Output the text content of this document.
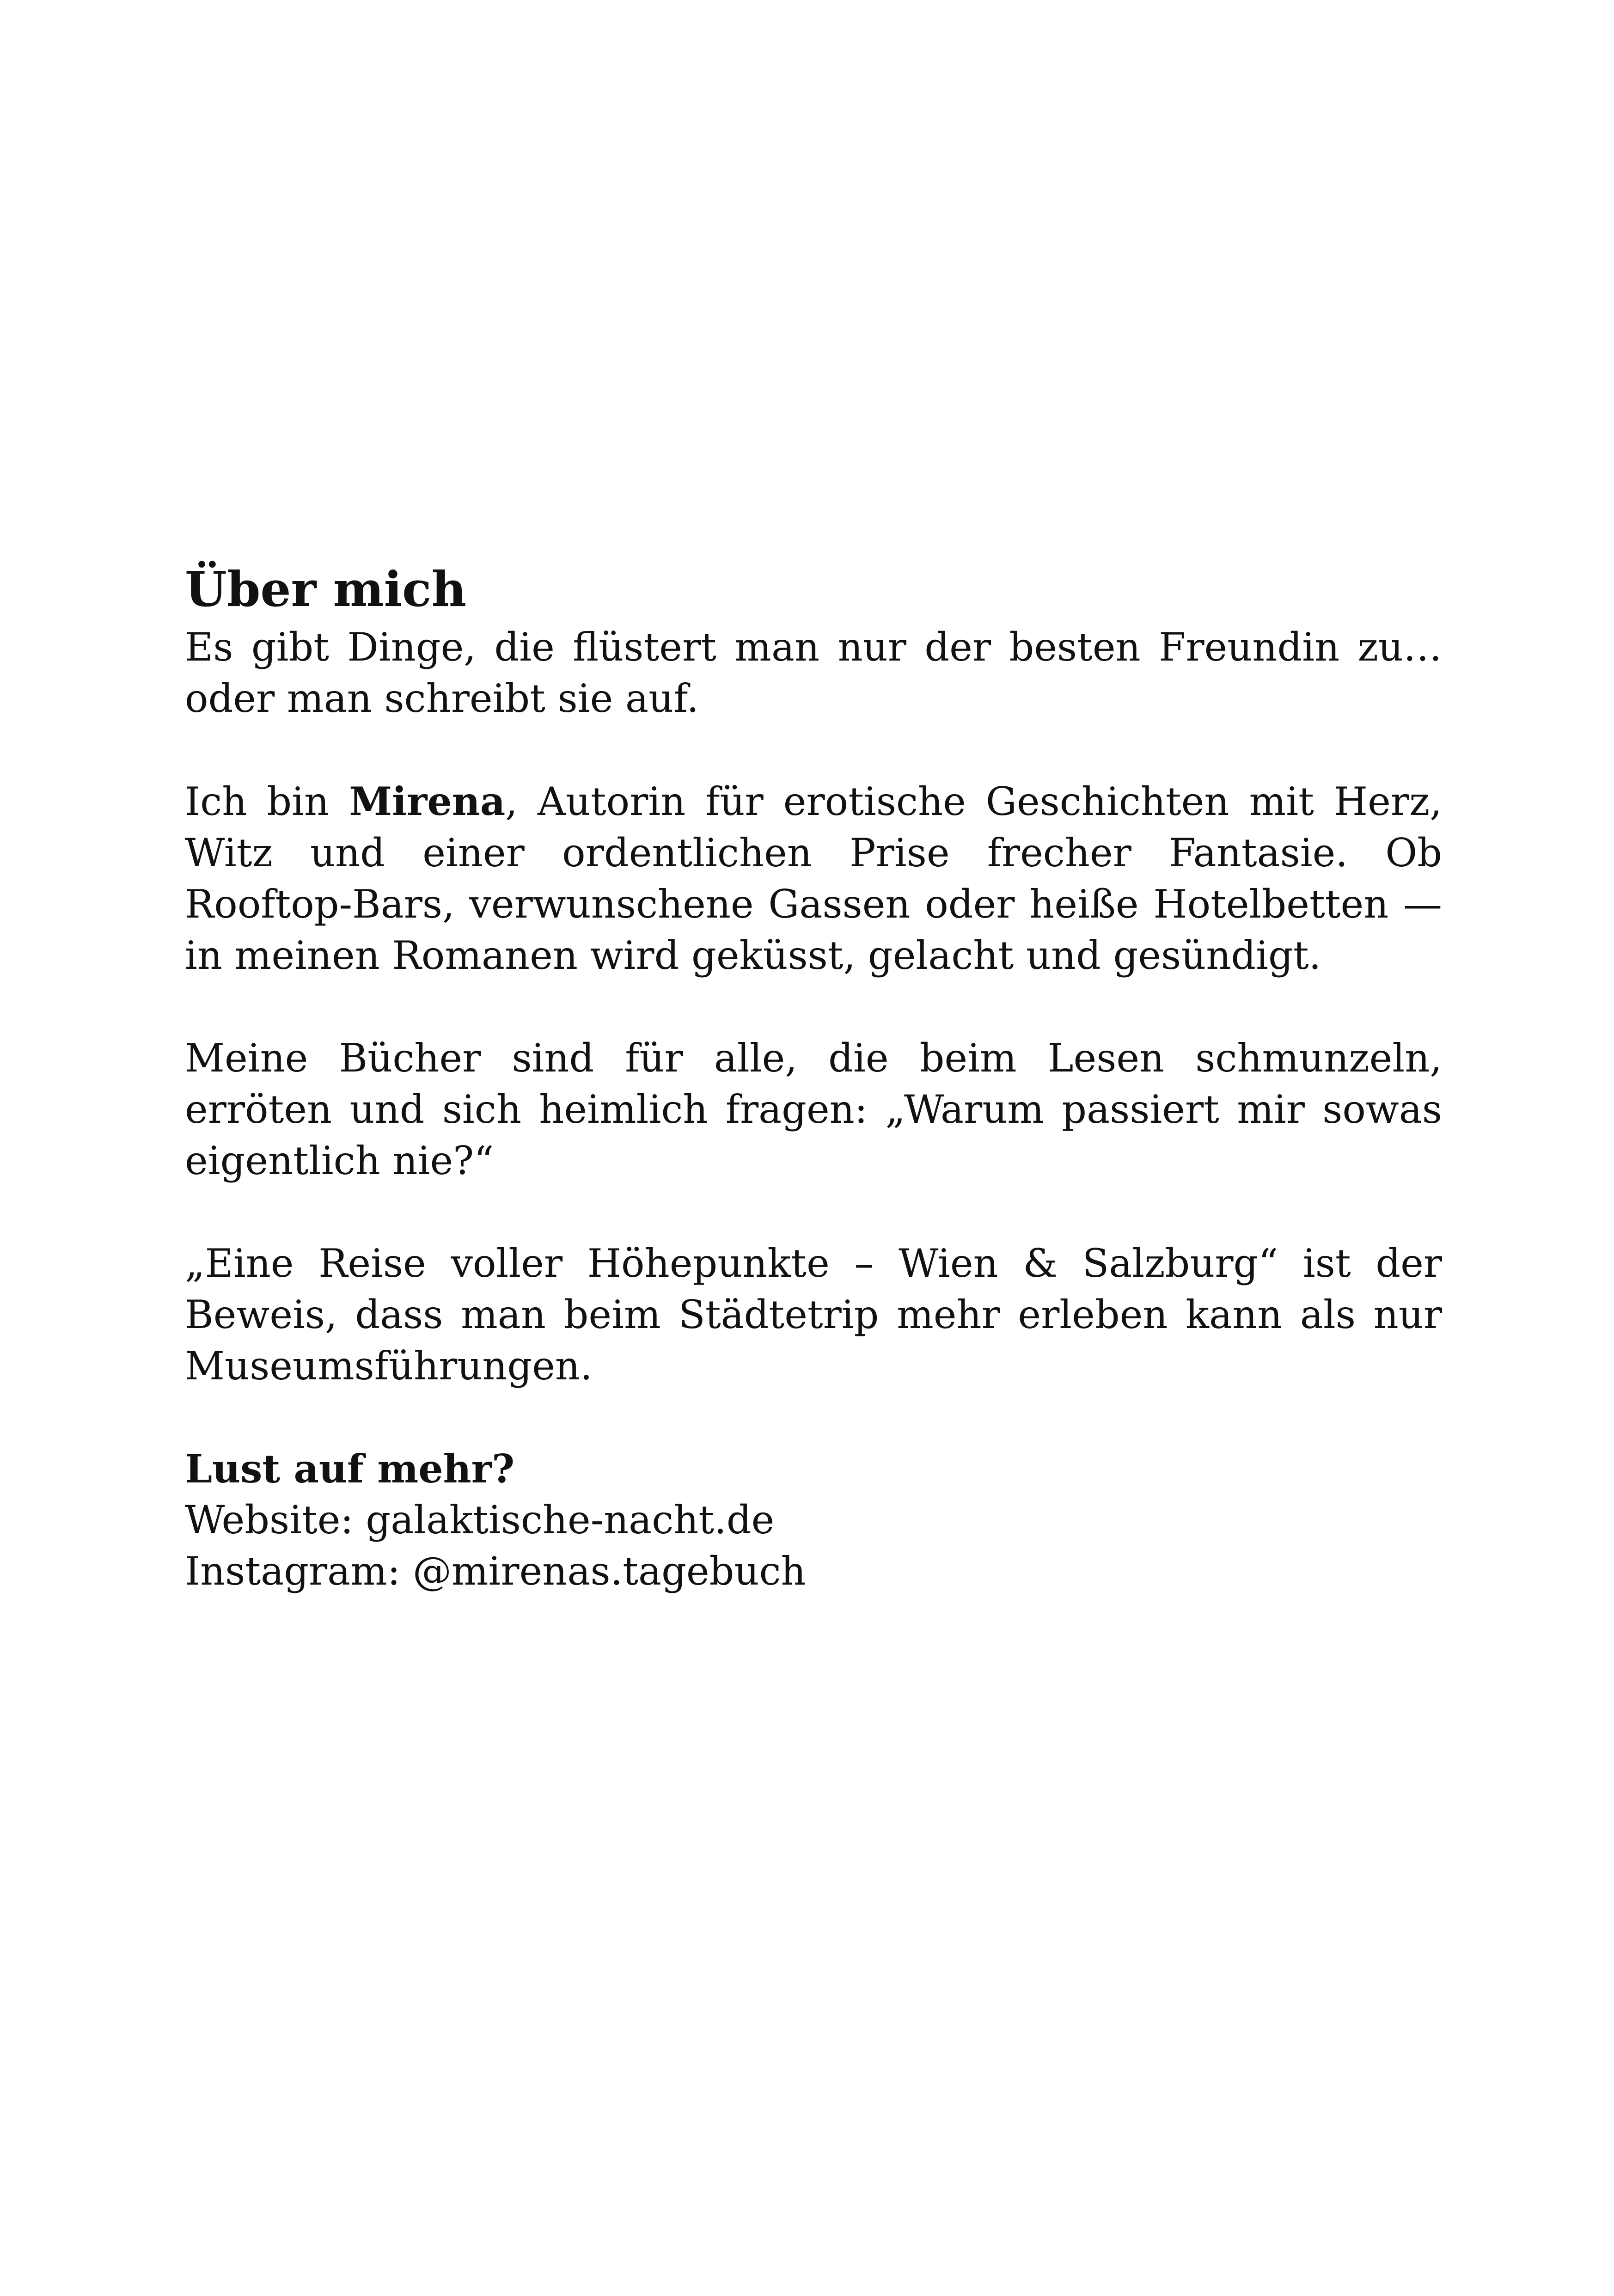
Über mich

Es gibt Dinge, die flüstert man nur der besten Freundin zu… oder man schreibt sie auf.

Ich bin Mirena, Autorin für erotische Geschichten mit Herz, Witz und einer ordentlichen Prise frecher Fantasie. Ob Rooftop-Bars, verwunschene Gassen oder heiße Hotelbetten — in meinen Romanen wird geküsst, gelacht und gesündigt.

Meine Bücher sind für alle, die beim Lesen schmunzeln, erröten und sich heimlich fragen: „Warum passiert mir sowas eigentlich nie?“

„Eine Reise voller Höhepunkte – Wien & Salzburg“ ist der Beweis, dass man beim Städtetrip mehr erleben kann als nur Museumsführungen.

Lust auf mehr?

Website: galaktische-nacht.de

Instagram: @mirenas.tagebuch
